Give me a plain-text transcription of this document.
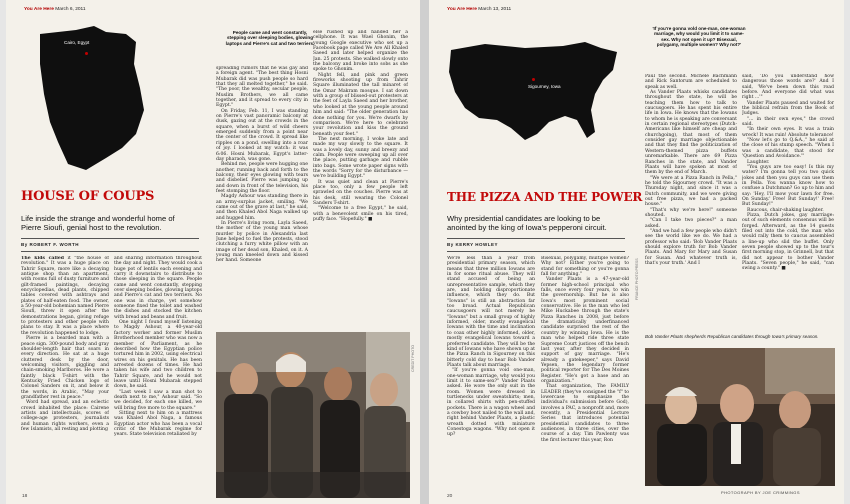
You Are Here March 6, 2011
Cairo, Egypt
HOUSE OF COUPS
Life inside the strange and wonderful home of Pierre Sioufi, genial host to the revolution.
By ROBERT F. WORTH
People came and went constantly, stepping over sleeping bodies, glowing laptops and Pierre's cat and two terriers.

The kids called it "the house of revolution." It was a huge place on Tahrir Square, more like a decaying antique shop than an apartment, with rooms full of dusty furniture and gilt-framed paintings, decaying encyclopedias, dead plants, chipped tables covered with ashtrays and plates of half-eaten food. The owner, a 50-year-old bohemian named Pierre Sioufi, threw it open after the demonstrations began, giving refuge to protesters and other people with plans to stay. It was a place where the revolution happened to lodge.

Pierre is a bearded man with a peace sign. 300-pound body and gray shoulder-length hair that soars in every direction. He sat at a huge cluttered desk by the door, welcoming visitors, giggling and chain-smoking Marlboros. He wore a faintly black T-shirt with the Kentucky Fried Chicken logo of Colonel Sanders on it, and below it the words, in Arabic, "May your grandfather rest in peace."

Word had spread, and an eclectic crowd inhabited the place: Cairene artists and intellectuals, scores of college-age protesters, journalists and human rights workers, even a few Islamists, all resting and plotting

and sharing information throughout the day and night. They would cook a huge pot of lentils each evening and carry it downstairs to distribute to those sleeping in the square. People came and went constantly, stepping over sleeping bodies, glowing laptops and Pierre's cat and two terriers. No one was in charge, yet somehow someone fixed the toilet and washed the dishes and stocked the kitchen with bread and beans and fruit.

One night I found myself listening to Magdy Ashour, a 40-year-old factory worker and former Muslim Brotherhood member who was now a member of Parliament, as he described how the Egyptian police tortured him in 2002, using electrical wires on his genitals. He has been arrested dozens of times. He had taken his wife and two children to Tahrir Square, and he would not leave until Hosni Mubarak stepped down, he said.

"Last week I saw a man shot to death next to me," Ashour said. "So we decided, for each one killed, we will bring five more to the square."

Sitting next to him on a mattress was Khaled Abol Naga, a famous Egyptian actor who has been a vocal critic of the Mubarak regime for years. State television retaliated by

spreading rumors that he was gay and a foreign agent. "The best thing Hosni Mubarak did was push people so hard that they all melted together," he said. "The poor, the wealthy, secular people, Muslim Brothers, we all came together, and it spread to every city in Egypt."

On Friday, Feb. 11, I was standing on Pierre's vast panoramic balcony at dusk, gazing out at the crowds in the square, when a burst of wild cheers emerged suddenly from a point near the center of the crowd. It spread like ripples on a pond, swelling into a roar of joy. I looked at my watch: it was 6:06. Hosni Mubarak, Egypt's latter-day pharaoh, was gone.

Behind me, people were hugging one another, running back and forth to the balcony, their eyes glowing with tears and disbelief. Pierre was jumping up and down in front of the television, his feet stomping the floor.

Magdy Ashour was standing there in an army-surplus jacket, smiling. "We came out of the grave at last," he said, and then Khaled Abol Naga walked up and hugged him.

In Pierre's living room, Layla Saeed, the mother of the young man whose murder by police in Alexandria last June helped to fuel the protests, stood clutching a furry white pillow with an image of her dead son, Khaled, on it. A young man kneeled down and kissed her hand. Someone

else rushed up and handed her a cellphone. It was Wael Ghonim, the young Google executive who set up a Facebook page called We Are All Khaled Saeed and later helped organize the Jan. 25 protests. She walked slowly onto the balcony and broke into sobs as she spoke to Ghonim.

Night fell, and pink and green fireworks shooting up from Tahrir Square illuminated the tall minaret of the Omar Makram mosque. I sat down with a group of blissed-out protesters at the feet of Layla Saeed and her brother, who looked at the young people around him and said: "The older generation has done nothing for you. We're dwarfs by comparison. We're here to celebrate your revolution and kiss the ground beneath your feet."

The next morning, I woke late and made my way slowly to the square. It was a lovely day, sunny and breezy and calm. People were sweeping up all over the place, putting garbage and rubble into bags. Some wrote paper signs with the words "Sorry for the disturbance — we're building Egypt."

It was quiet and clean at Pierre's place too, only a few people left sprawled on the couches. Pierre was at his desk, still wearing the Colonel Sanders T-shirt.

"Welcome to a free Egypt," he said, with a benevolent smile on his tired, puffy face. "Hopefully." ■

CREDIT PHOTO
18
You Are Here March 13, 2011
Sigourney, Iowa
THE PIZZA AND THE POWER
Why presidential candidates are looking to be anointed by the king of Iowa's pepperoni circuit.
By KERRY HOWLEY
'If you're gonna vold one-man, one-woman marriage, why would you limit it to same-sex. Why not open it up? Bisexual, polygamy, multiple women? Why not?'

We're less than a year from presidential primary season, which means that three million Iowans are in for some ritual abuse. They will stand accused of being an unrepresentative sample, which they are, and holding disproportionate influence, which they do. But "Iowans" is still an abstraction far too broad. Actual Republican caucusgoers will not merely be "Iowans" but a small group of highly informed, older, mostly evangelical Iowans with the time and inclination to coax other highly informed, older, mostly evangelical Iowans toward a preferred candidate. They will be the kind of Iowans who have shown up at the Pizza Ranch in Sigourney on this bitterly cold day to hear Bob Vander Plaats talk about marriage.

"If you're gonna void one-man, one-woman marriage, why would you limit it to same-sex?" Vander Plaats asked. He wore the only suit in the room. Women were dressed in turtlenecks under sweatshirts; men, in collared shirts with pen-stuffed pockets. There is a wagon wheel and a cowboy boot nailed to the wall and, right behind Vander Plaats, a plastic wreath dotted with miniature Conestoga wagons. "Why not open it up?

Bisexual, polygamy, multiple women? Why not? Either you're going to stand for something or you're gonna fall for anything."

Vander Plaats is a 47-year-old former high-school principal who falls, once every four years, to win the governorship. But he is also Iowa's most prominent social conservative. He is the man who led Mike Huckabee through the state's Pizza Ranches in 2008, just before the dramatically underfinanced candidate surprised the rest of the country by winning Iowa. He is the man who helped ride three state Supreme Court justices off the bench last year, after they decided in support of gay marriage. "He's already a gatekeeper," says David Yepsen, the legendary former political reporter for The Des Moines Register. "He's got a base and an organization."

That organization, The FAMILY LEADER (they've consigned the "f" to lowercase to emphasize the individual's submission before God), involves a PAC, a nonprofit and, more recently, a Presidential Lecture Series that introduces potential presidential candidates to three audiences, in three cities, over the course of a day. Tim Pawlenty was the first lecturer this year, Ron

Paul the second. Michele Bachmann and Rick Santorum are scheduled to speak as well.

As Vander Plaats whisks candidates throughout the state, he will be teaching them how to talk to caucusgoers. He has spent his entire life in Iowa. He knows that the Iowans to whom he is speaking are conversant in certain regional stereotypes (Dutch-Americans like himself are cheap and churchgoing), that most of them consider gay marriage objectionable and that they find the politicization of Western-themed pizza buffets unremarkable. There are 69 Pizza Ranches in the state, and Vander Plaats will have spoken at most of them by the end of March.

"We were at a Pizza Ranch in Pella," he told the Sigourney crowd. "It was a Thursday night, and since it was a Dutch community, and we were giving out free pizza, we had a packed house."

"That's why we're here!" someone shouted.

"Can I take two pieces?" a man asked.

"And we had a few people who didn't see the world like we do. We had a professor who said: 'Bob Vander Plaats should explore truth for Bob Vander Plaats. And Mary for Mary and Susan for Susan. And whatever truth is, that's your truth.' And I

said, 'Do you understand how dangerous those words are?' And I said, 'We've been down this road before. And everyone did what was right ...'"

Vander Plaats paused and waited for the biblical refrain from the Book of Judges.

"... in their own eyes," the crowd said.

"In their own eyes. It was a train wreck! It was ruin! Absolute tolerance!

"Now let's go to Q.&A.," he said at the close of his stump speech. "When I was a candidate, that stood for 'Question and Avoidance.'"

Laughter.

"You guys are too easy! Is this my water? I'm gonna tell you two quick jokes and then you guys can use them in Pella. You wanna know how to confuse a Dutchman? Go up to him and say: 'Hey, I'll mow your lawn for free. On Sunday.' Free! But Sunday!' Free! But Sunday!"

Raucous, chair-shaking laughter.

Pizza, Dutch jokes, gay marriage: out of such elements consensus will be forged. Afterward, as the 14 guests filed out into the cold, the man who would rally them to caucus assembled a line-up who slid the buffet. Only seven people showed up to the tour's first morning stop, in Grinnell, but that did not appear to bother Vander Plaats. "Seven people," he said, "can swing a county." ■

Bob Vander Plaats shepherds Republican candidates through Iowa's primary season.
PHOTOGRAPH BY JOE CRIMMINGS
FRANCE PHOTO PRESS
20
